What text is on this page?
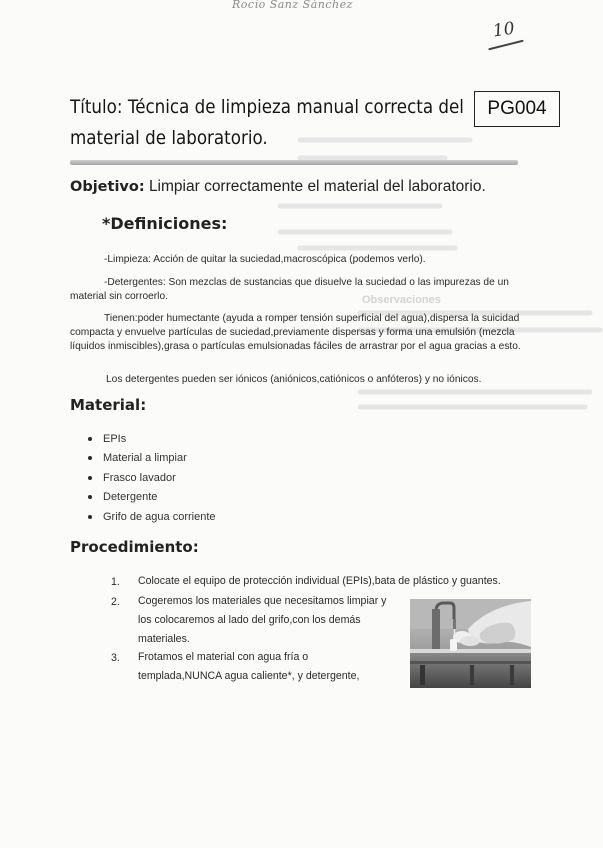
Observaciones
Rocío Sanz Sánchez
10
Título: Técnica de limpieza manual correcta del
material de laboratorio.
PG004
Objetivo: Limpiar correctamente el material del laboratorio.
*Definiciones:
-Limpieza: Acción de quitar la suciedad,macroscópica (podemos verlo).
-Detergentes: Son mezclas de sustancias que disuelve la suciedad o las impurezas de un material sin corroerlo.
Tienen:poder humectante (ayuda a romper tensión superficial del agua),dispersa la suicidad compacta y envuelve partículas de suciedad,previamente dispersas y forma una emulsión (mezcla líquidos inmiscibles),grasa o partículas emulsionadas fáciles de arrastrar por el agua gracias a esto.
Los detergentes pueden ser iónicos (aniónicos,catiónicos o anfóteros) y no iónicos.
Material:
EPIs
Material a limpiar
Frasco lavador
Detergente
Grifo de agua corriente
Procedimiento:
1. Colocate el equipo de protección individual (EPIs),bata de plástico y guantes.
2. Cogeremos los materiales que necesitamos limpiar y
los colocaremos al lado del grifo,con los demás
materiales.
3. Frotamos el material con agua fría o
templada,NUNCA agua caliente*, y detergente,
